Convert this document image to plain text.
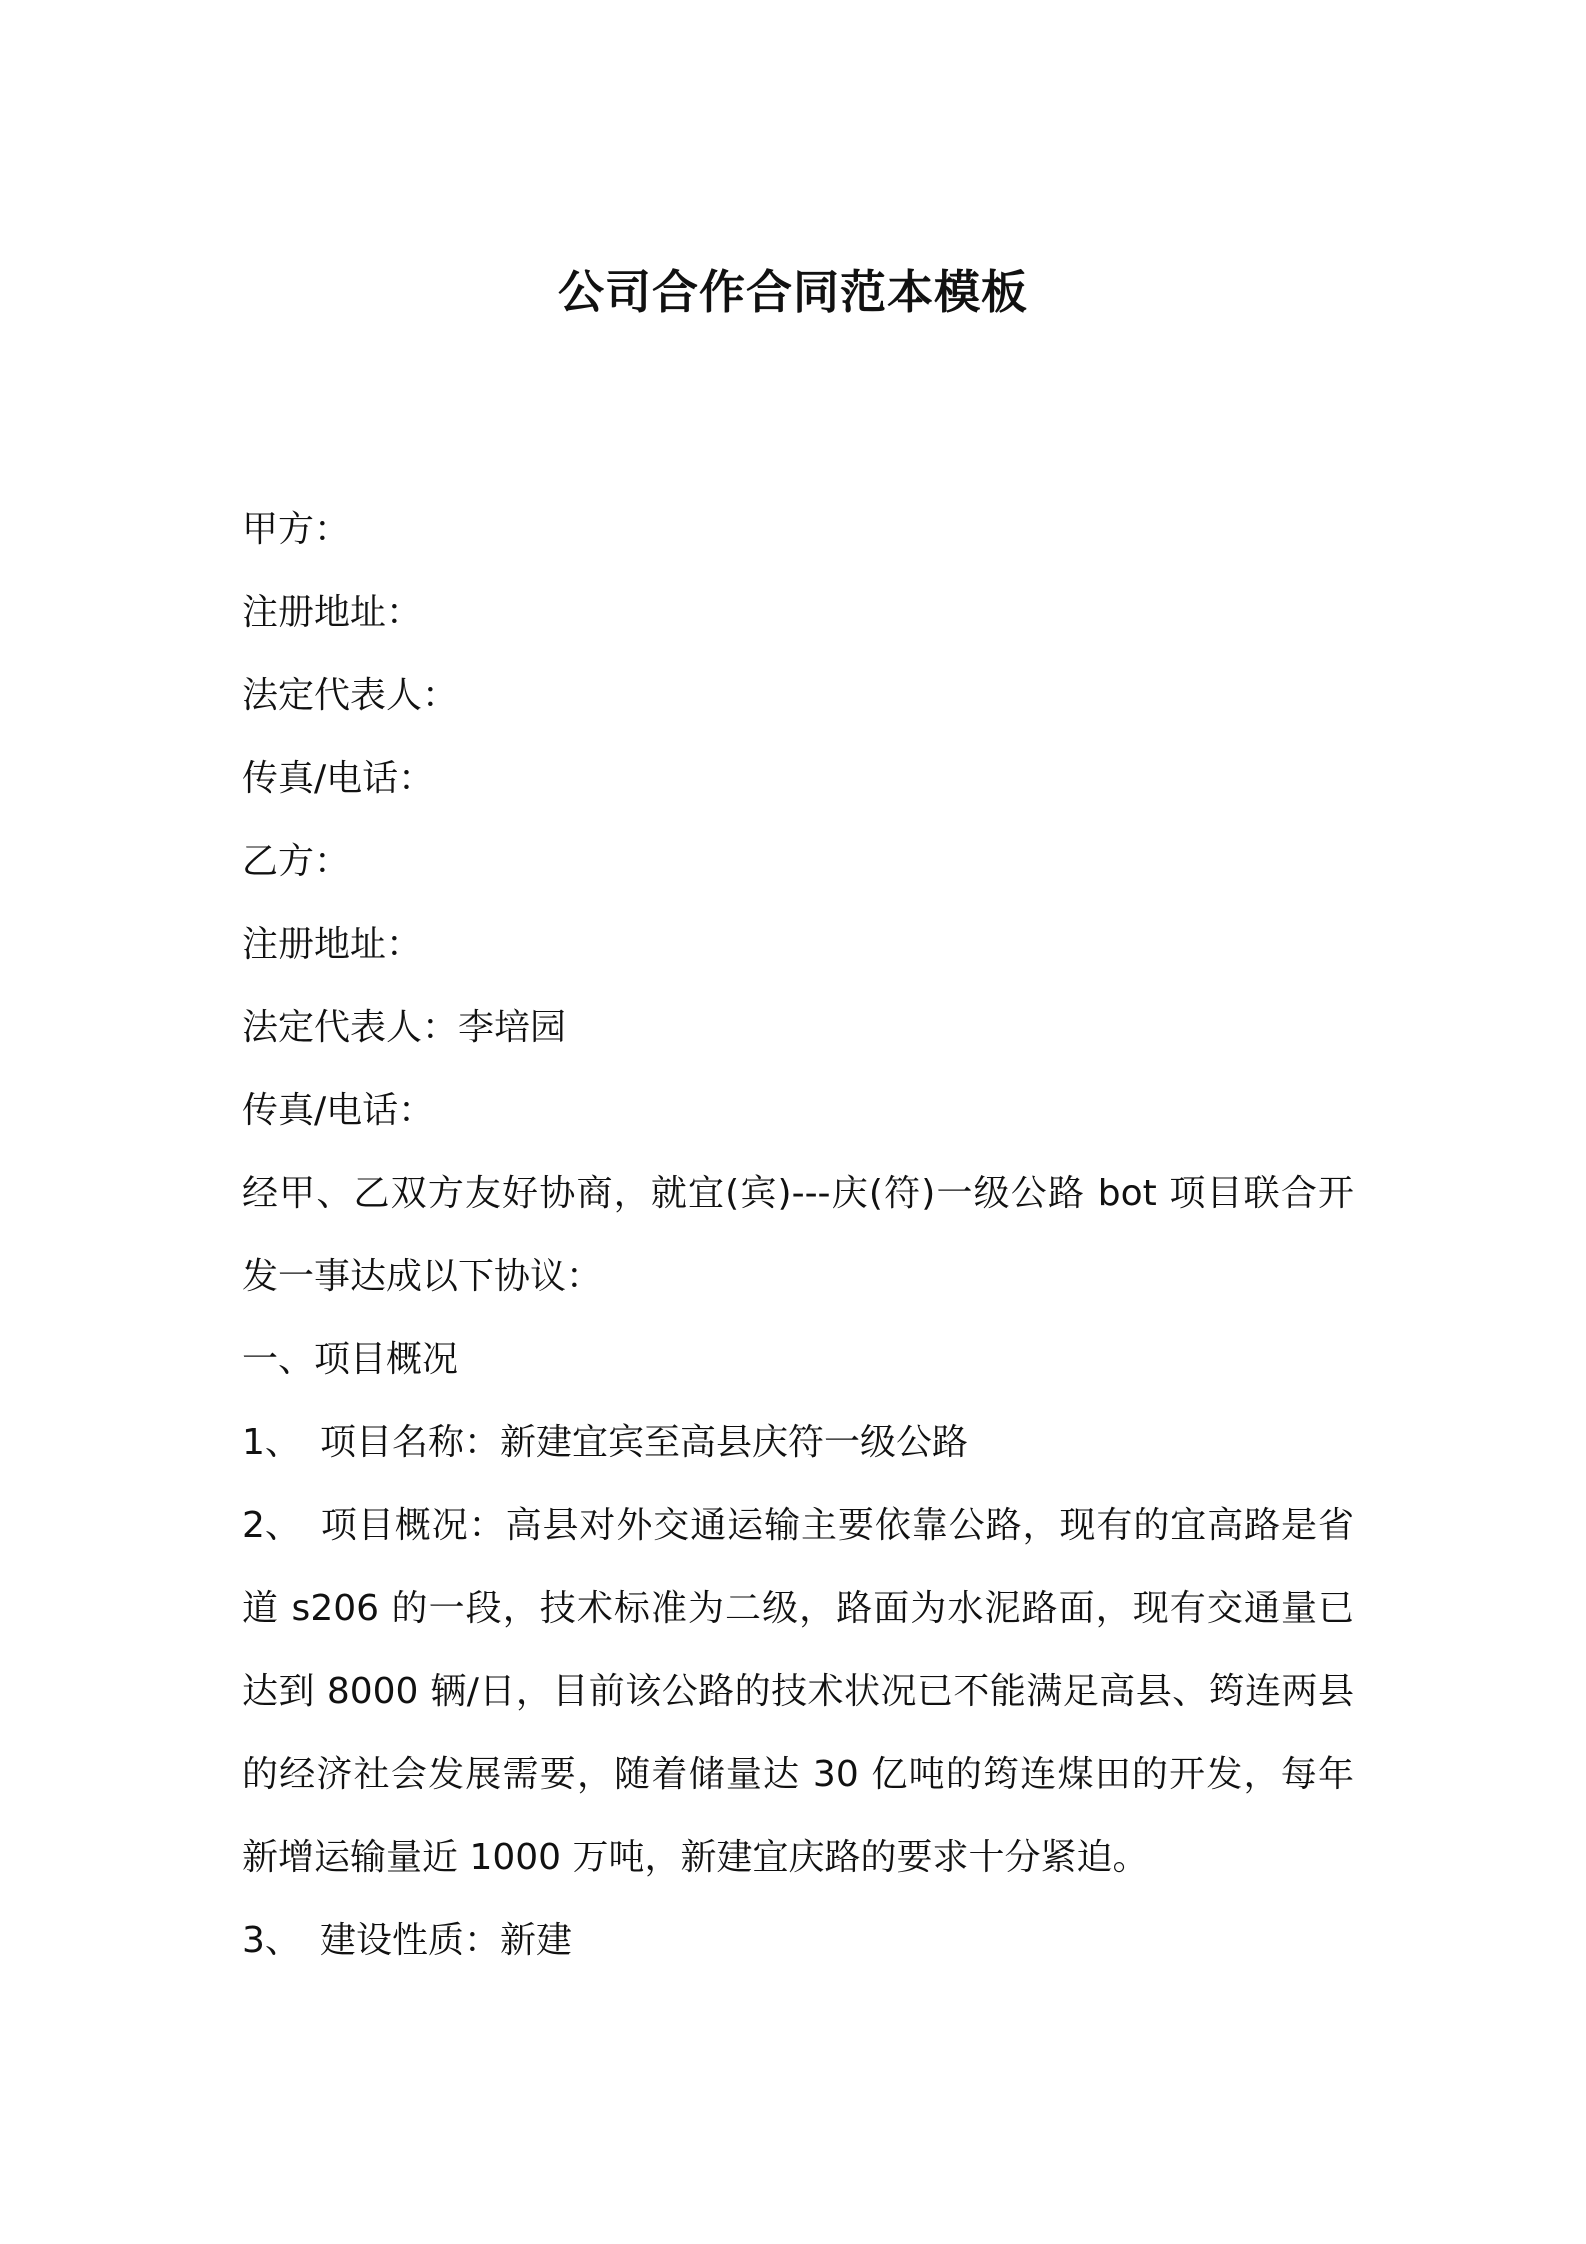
公司合作合同范本模板
甲方：
注册地址：
法定代表人：
传真/电话：
乙方：
注册地址：
法定代表人：李培园
传真/电话：
经甲、乙双方友好协商，就宜(宾)---庆(符)一级公路 bot 项目联合开发一事达成以下协议：
一、项目概况
1、 项目名称：新建宜宾至高县庆符一级公路
2、 项目概况：高县对外交通运输主要依靠公路，现有的宜高路是省道 s206 的一段，技术标准为二级，路面为水泥路面，现有交通量已达到 8000 辆/日，目前该公路的技术状况已不能满足高县、筠连两县的经济社会发展需要，随着储量达 30 亿吨的筠连煤田的开发，每年新增运输量近 1000 万吨，新建宜庆路的要求十分紧迫。
3、 建设性质：新建
